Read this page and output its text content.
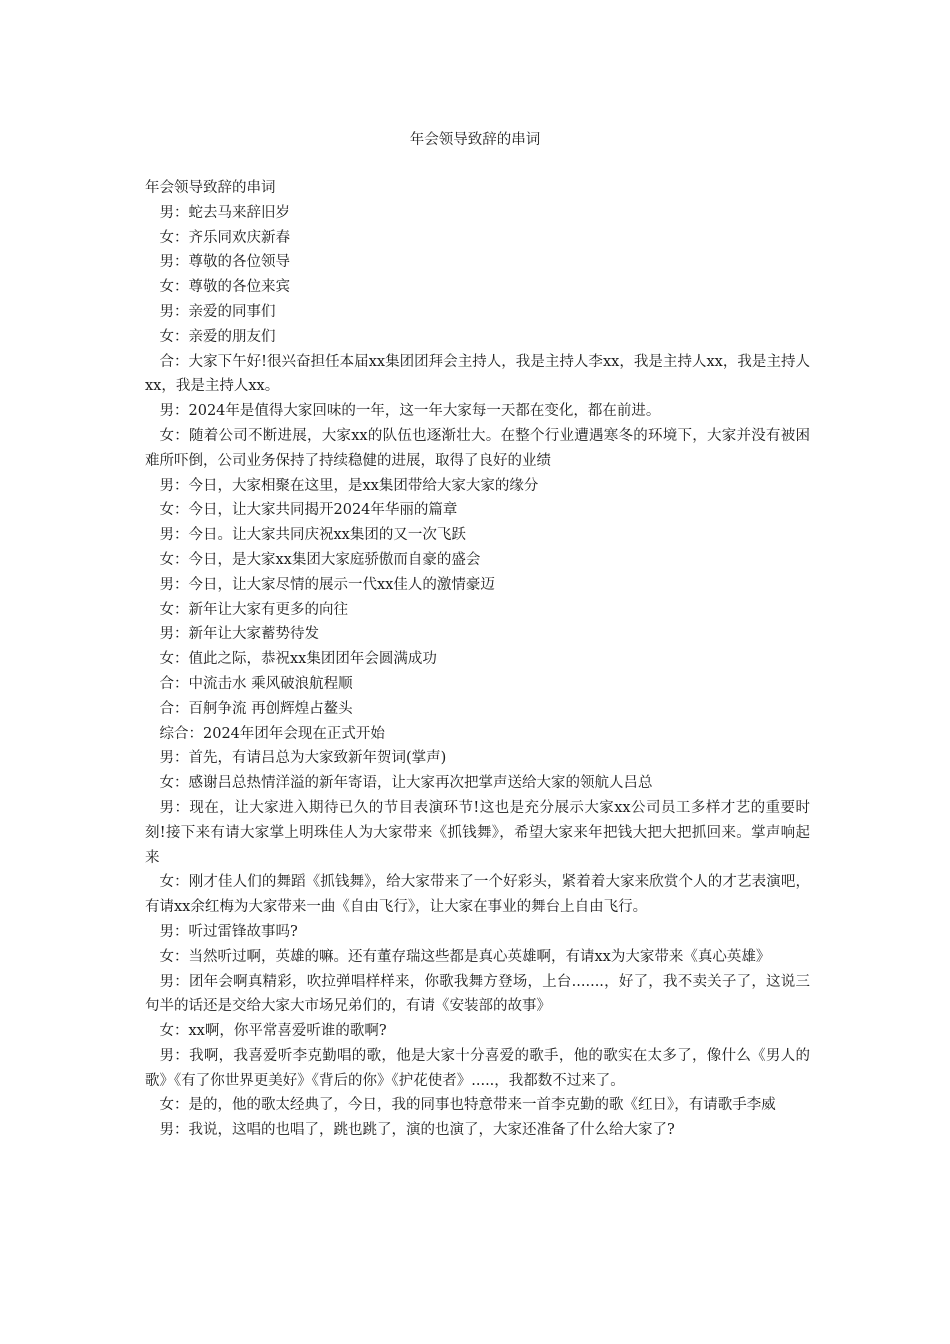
年会领导致辞的串词

年会领导致辞的串词

男：蛇去马来辞旧岁

女：齐乐同欢庆新春

男：尊敬的各位领导

女：尊敬的各位来宾

男：亲爱的同事们

女：亲爱的朋友们

合：大家下午好!很兴奋担任本届xx集团团拜会主持人，我是主持人李xx，我是主持人xx，我是主持人xx，我是主持人xx。

男：2024年是值得大家回味的一年，这一年大家每一天都在变化，都在前进。

女：随着公司不断进展，大家xx的队伍也逐渐壮大。在整个行业遭遇寒冬的环境下，大家并没有被困难所吓倒，公司业务保持了持续稳健的进展，取得了良好的业绩

男：今日，大家相聚在这里，是xx集团带给大家大家的缘分

女：今日，让大家共同揭开2024年华丽的篇章

男：今日。让大家共同庆祝xx集团的又一次飞跃

女：今日，是大家xx集团大家庭骄傲而自豪的盛会

男：今日，让大家尽情的展示一代xx佳人的激情豪迈

女：新年让大家有更多的向往

男：新年让大家蓄势待发

女：值此之际，恭祝xx集团团年会圆满成功

合：中流击水 乘风破浪航程顺

合：百舸争流 再创辉煌占鳌头

综合：2024年团年会现在正式开始

男：首先，有请吕总为大家致新年贺词(掌声)

女：感谢吕总热情洋溢的新年寄语，让大家再次把掌声送给大家的领航人吕总

男：现在，让大家进入期待已久的节目表演环节!这也是充分展示大家xx公司员工多样才艺的重要时刻!接下来有请大家掌上明珠佳人为大家带来《抓钱舞》，希望大家来年把钱大把大把抓回来。掌声响起来

女：刚才佳人们的舞蹈《抓钱舞》，给大家带来了一个好彩头，紧着着大家来欣赏个人的才艺表演吧，有请xx余红梅为大家带来一曲《自由飞行》，让大家在事业的舞台上自由飞行。

男：听过雷锋故事吗?

女：当然听过啊，英雄的嘛。还有董存瑞这些都是真心英雄啊，有请xx为大家带来《真心英雄》

男：团年会啊真精彩，吹拉弹唱样样来，你歌我舞方登场，上台.......，好了，我不卖关子了，这说三句半的话还是交给大家大市场兄弟们的，有请《安装部的故事》

女：xx啊，你平常喜爱听谁的歌啊?

男：我啊，我喜爱听李克勤唱的歌，他是大家十分喜爱的歌手，他的歌实在太多了，像什么《男人的歌》《有了你世界更美好》《背后的你》《护花使者》.....，我都数不过来了。

女：是的，他的歌太经典了，今日，我的同事也特意带来一首李克勤的歌《红日》，有请歌手李威

男：我说，这唱的也唱了，跳也跳了，演的也演了，大家还准备了什么给大家了?
